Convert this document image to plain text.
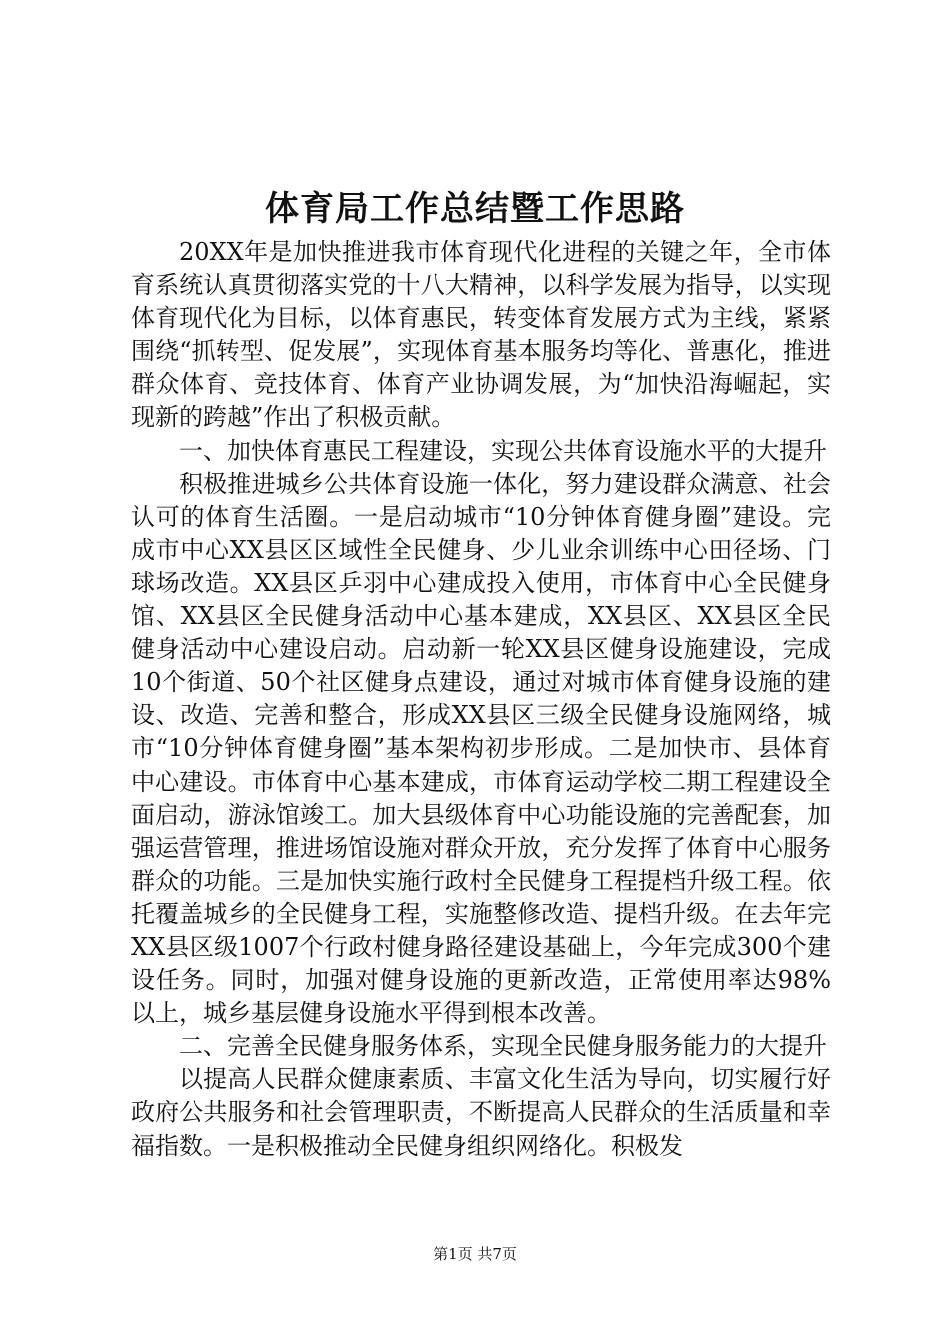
体育局工作总结暨工作思路

20XX年是加快推进我市体育现代化进程的关键之年，全市体育系统认真贯彻落实党的十八大精神，以科学发展为指导，以实现体育现代化为目标，以体育惠民，转变体育发展方式为主线，紧紧围绕“抓转型、促发展”，实现体育基本服务均等化、普惠化，推进群众体育、竞技体育、体育产业协调发展，为“加快沿海崛起，实现新的跨越”作出了积极贡献。

一、加快体育惠民工程建设，实现公共体育设施水平的大提升

积极推进城乡公共体育设施一体化，努力建设群众满意、社会认可的体育生活圈。一是启动城市“10分钟体育健身圈”建设。完成市中心XX县区区域性全民健身、少儿业余训练中心田径场、门球场改造。XX县区乒羽中心建成投入使用，市体育中心全民健身馆、XX县区全民健身活动中心基本建成，XX县区、XX县区全民健身活动中心建设启动。启动新一轮XX县区健身设施建设，完成10个街道、50个社区健身点建设，通过对城市体育健身设施的建设、改造、完善和整合，形成XX县区三级全民健身设施网络，城市“10分钟体育健身圈”基本架构初步形成。二是加快市、县体育中心建设。市体育中心基本建成，市体育运动学校二期工程建设全面启动，游泳馆竣工。加大县级体育中心功能设施的完善配套，加强运营管理，推进场馆设施对群众开放，充分发挥了体育中心服务群众的功能。三是加快实施行政村全民健身工程提档升级工程。依托覆盖城乡的全民健身工程，实施整修改造、提档升级。在去年完XX县区级1007个行政村健身路径建设基础上，今年完成300个建设任务。同时，加强对健身设施的更新改造，正常使用率达98%以上，城乡基层健身设施水平得到根本改善。

二、完善全民健身服务体系，实现全民健身服务能力的大提升

以提高人民群众健康素质、丰富文化生活为导向，切实履行好政府公共服务和社会管理职责，不断提高人民群众的生活质量和幸福指数。一是积极推动全民健身组织网络化。积极发

第1页 共7页
